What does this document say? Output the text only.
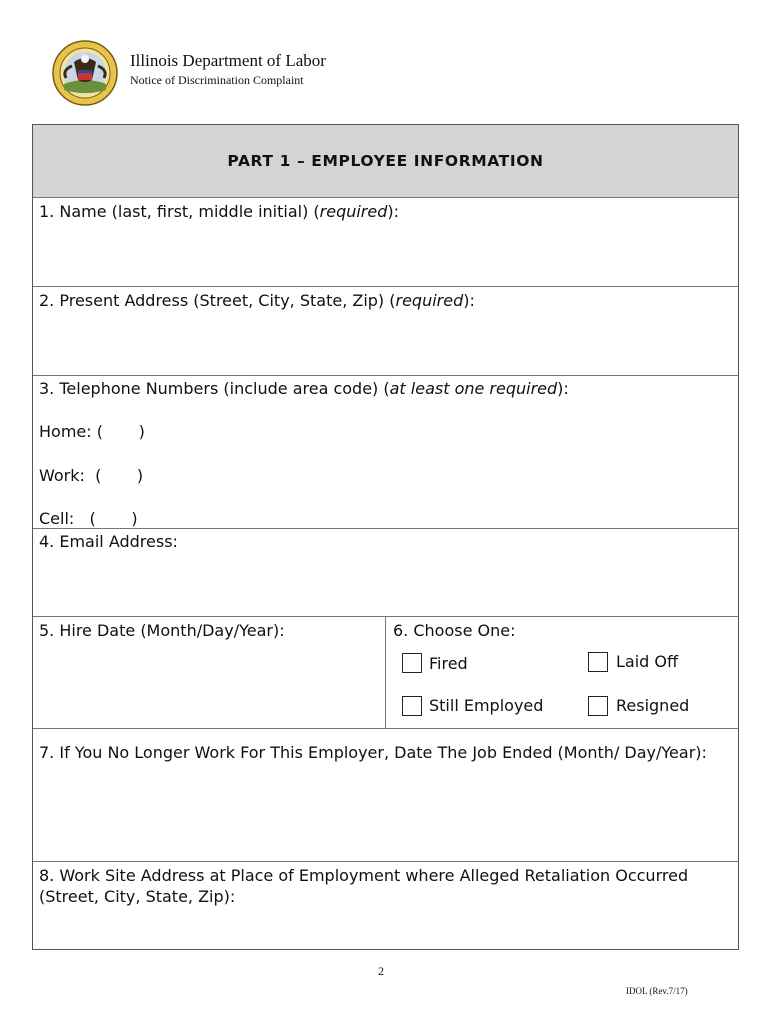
Illinois Department of Labor
Notice of Discrimination Complaint
PART 1 – EMPLOYEE INFORMATION
1. Name (last, first, middle initial) (required):
2. Present Address (Street, City, State, Zip) (required):
3. Telephone Numbers (include area code) (at least one required):
Home: (       )
Work:  (       )
Cell:   (       )
4. Email Address:
5. Hire Date (Month/Day/Year):	6. Choose One:
Fired	Laid Off
Still Employed	Resigned
7. If You No Longer Work For This Employer, Date The Job Ended (Month/ Day/Year):
8. Work Site Address at Place of Employment where Alleged Retaliation Occurred (Street, City, State, Zip):
2
IDOL (Rev.7/17)
